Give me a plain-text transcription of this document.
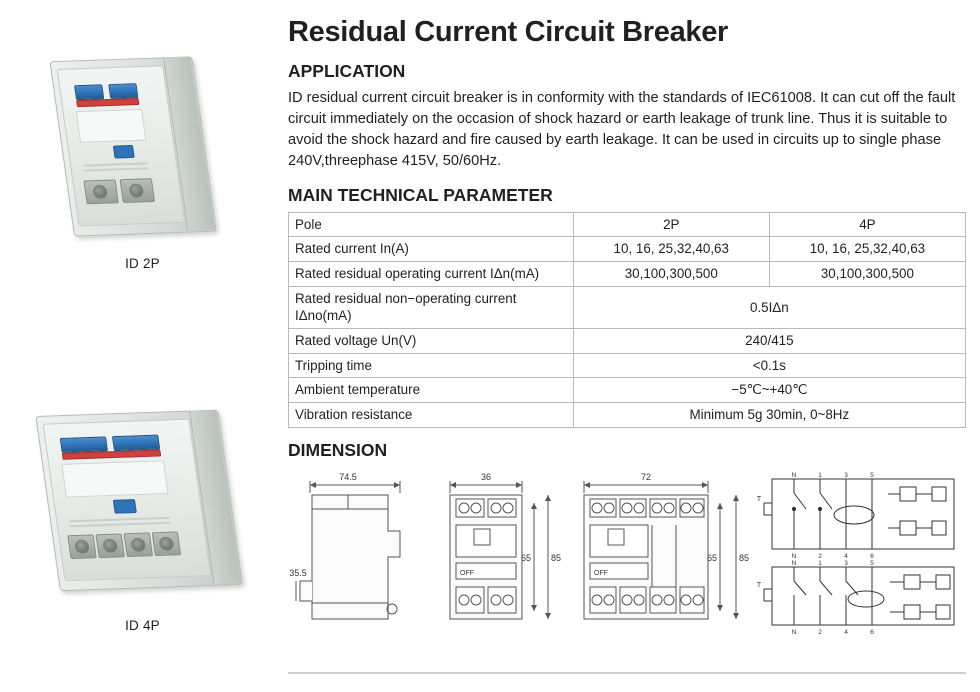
ID 2P
ID 4P
Residual Current Circuit Breaker
APPLICATION

ID residual current circuit breaker is in conformity with the standards of IEC61008. It can cut off the fault circuit immediately on the occasion of shock hazard or earth leakage of trunk line. Thus it is suitable to avoid the shock hazard and fire caused by earth leakage. It can be used in circuits up to single phase 240V,threephase 415V, 50/60Hz.

MAIN TECHNICAL PARAMETER
Pole	2P	4P
Rated current In(A)	10, 16, 25,32,40,63	10, 16, 25,32,40,63
Rated residual operating current IΔn(mA)	30,100,300,500	30,100,300,500
Rated residual non−operating current IΔno(mA)	0.5IΔn	
Rated voltage Un(V)	240/415	
Tripping time	<0.1s	
Ambient temperature	−5℃~+40℃	
Vibration resistance	Minimum 5g 30min, 0~8Hz	
DIMENSION
74.5
35.5
36
65 85
OFF
72
65 85
OFF
N	1	3	5
N	2	4	6
T
N	1	3	5
N	2	4	6
T
